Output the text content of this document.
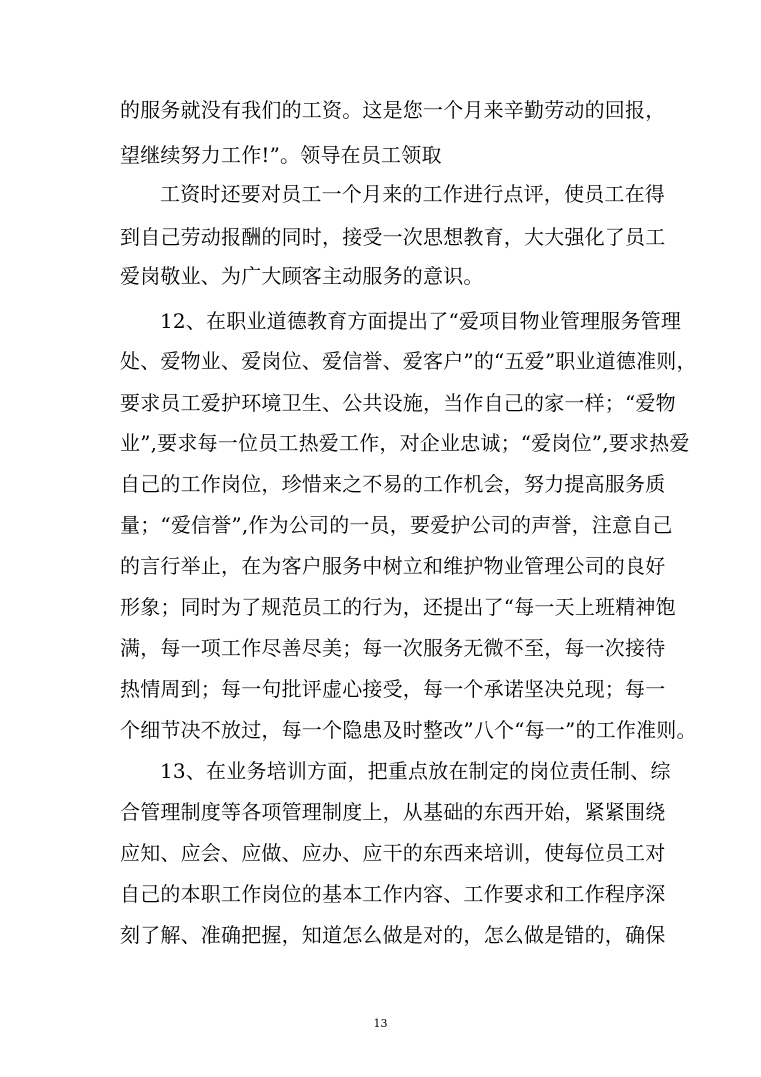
的服务就没有我们的工资。这是您一个月来辛勤劳动的回报，
望继续努力工作!”。领导在员工领取
工资时还要对员工一个月来的工作进行点评，使员工在得
到自己劳动报酬的同时，接受一次思想教育，大大强化了员工
爱岗敬业、为广大顾客主动服务的意识。
12、在职业道德教育方面提出了“爱项目物业管理服务管理
处、爱物业、爱岗位、爱信誉、爱客户”的“五爱”职业道德准则，
要求员工爱护环境卫生、公共设施，当作自己的家一样；“爱物
业”,要求每一位员工热爱工作，对企业忠诚；“爱岗位”,要求热爱
自己的工作岗位，珍惜来之不易的工作机会，努力提高服务质
量；“爱信誉”,作为公司的一员，要爱护公司的声誉，注意自己
的言行举止，在为客户服务中树立和维护物业管理公司的良好
形象；同时为了规范员工的行为，还提出了“每一天上班精神饱
满，每一项工作尽善尽美；每一次服务无微不至，每一次接待
热情周到；每一句批评虚心接受，每一个承诺坚决兑现；每一
个细节决不放过，每一个隐患及时整改”八个“每一”的工作准则。
13、在业务培训方面，把重点放在制定的岗位责任制、综
合管理制度等各项管理制度上，从基础的东西开始，紧紧围绕
应知、应会、应做、应办、应干的东西来培训，使每位员工对
自己的本职工作岗位的基本工作内容、工作要求和工作程序深
刻了解、准确把握，知道怎么做是对的，怎么做是错的，确保
13
